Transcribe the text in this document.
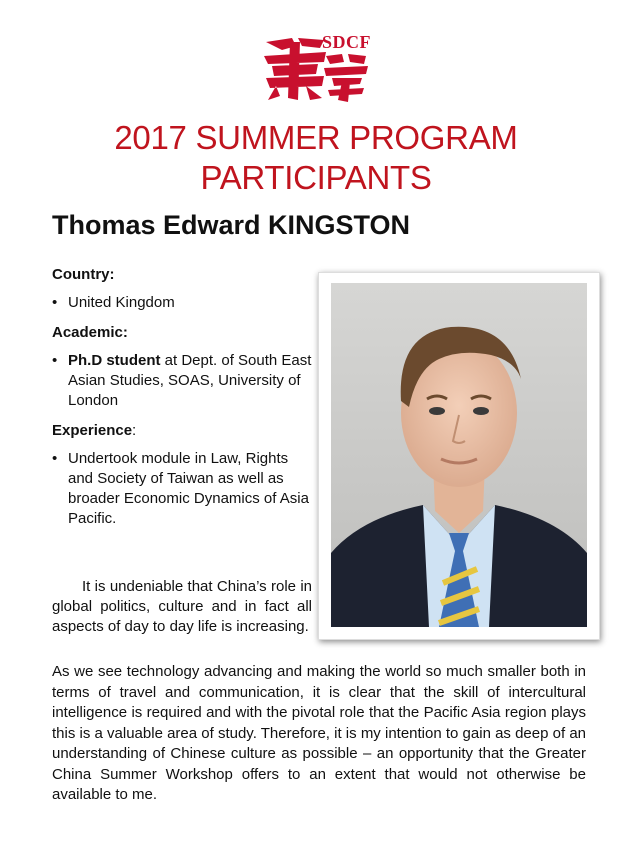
SDCF
2017 SUMMER PROGRAM
PARTICIPANTS
Thomas Edward KINGSTON
Country:
• United Kingdom
Academic:
• Ph.D student at Dept. of South East Asian Studies, SOAS, University of London
Experience:
• Undertook module in Law, Rights and Society of Taiwan as well as broader Economic Dynamics of Asia Pacific.
  It is undeniable that China’s role in global politics, culture and in fact all aspects of day to day life is increasing.
As we see technology advancing and making the world so much smaller both in terms of travel and communication, it is clear that the skill of intercultural intelligence is required and with the pivotal role that the Pacific Asia region plays this is a valuable area of study. Therefore, it is my intention to gain as deep of an understanding of Chinese culture as possible – an opportunity that the Greater China Summer Workshop offers to an extent that would not otherwise be available to me.
